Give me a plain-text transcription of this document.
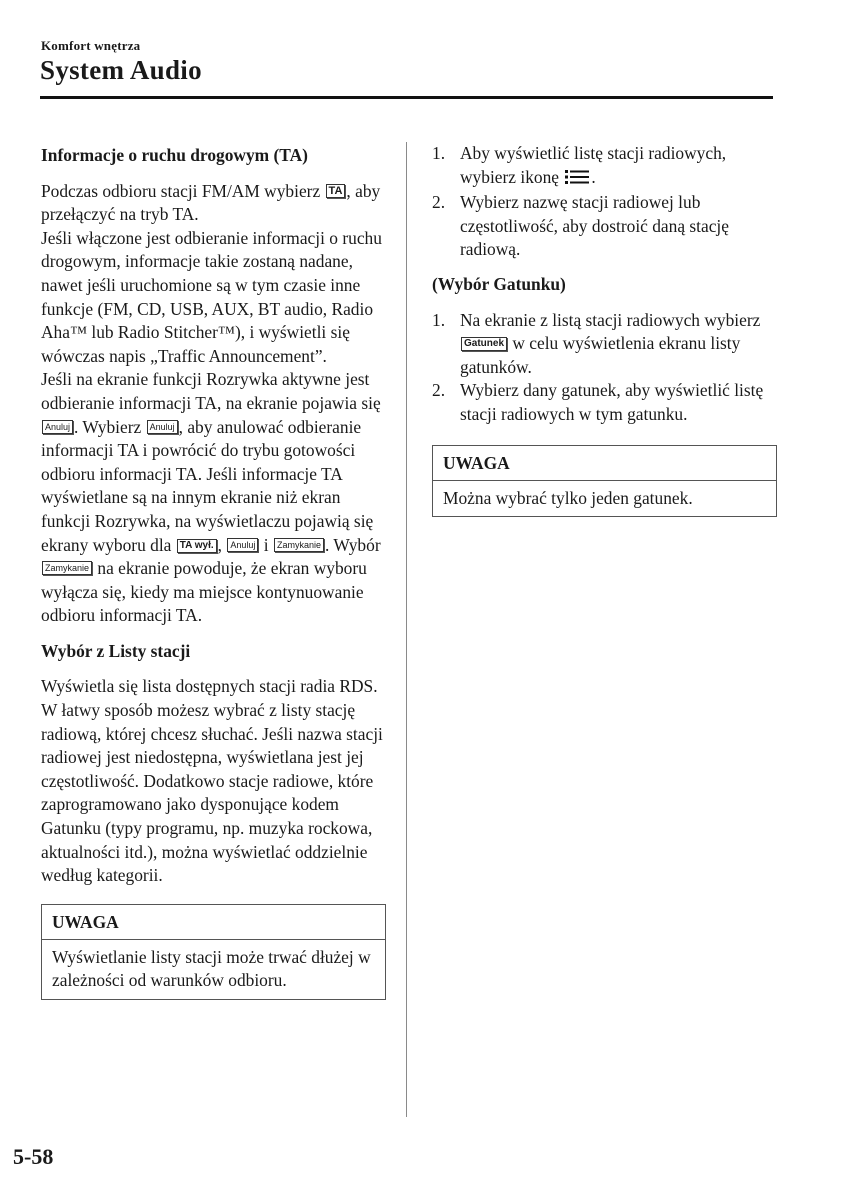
Komfort wnętrza
System Audio

Informacje o ruchu drogowym (TA)

Podczas odbioru stacji FM/AM wybierz TA , aby przełączyć na tryb TA.

Jeśli włączone jest odbieranie informacji o ruchu drogowym, informacje takie zostaną nadane, nawet jeśli uruchomione są w tym czasie inne funkcje (FM, CD, USB, AUX, BT audio, Radio Aha™ lub Radio Stitcher™), i wyświetli się wówczas napis „Traffic Announcement”.

Jeśli na ekranie funkcji Rozrywka aktywne jest odbieranie informacji TA, na ekranie pojawia się Anuluj . Wybierz Anuluj , aby anulować odbieranie informacji TA i powrócić do trybu gotowości odbioru informacji TA. Jeśli informacje TA wyświetlane są na innym ekranie niż ekran funkcji Rozrywka, na wyświetlaczu pojawią się ekrany wyboru dla TA wył. , Anuluj i Zamykanie . Wybór Zamykanie na ekranie powoduje, że ekran wyboru wyłącza się, kiedy ma miejsce kontynuowanie odbioru informacji TA.

Wybór z Listy stacji

Wyświetla się lista dostępnych stacji radia RDS. W łatwy sposób możesz wybrać z listy stację radiową, której chcesz słuchać. Jeśli nazwa stacji radiowej jest niedostępna, wyświetlana jest jej częstotliwość. Dodatkowo stacje radiowe, które zaprogramowano jako dysponujące kodem Gatunku (typy programu, np. muzyka rockowa, aktualności itd.), można wyświetlać oddzielnie według kategorii.

UWAGA
Wyświetlanie listy stacji może trwać dłużej w zależności od warunków odbioru.
1. Aby wyświetlić listę stacji radiowych, wybierz ikonę .
2. Wybierz nazwę stacji radiowej lub częstotliwość, aby dostroić daną stację radiową.

(Wybór Gatunku)

1. Na ekranie z listą stacji radiowych wybierz Gatunek w celu wyświetlenia ekranu listy gatunków.
2. Wybierz dany gatunek, aby wyświetlić listę stacji radiowych w tym gatunku.
UWAGA
Można wybrać tylko jeden gatunek.
5-58
